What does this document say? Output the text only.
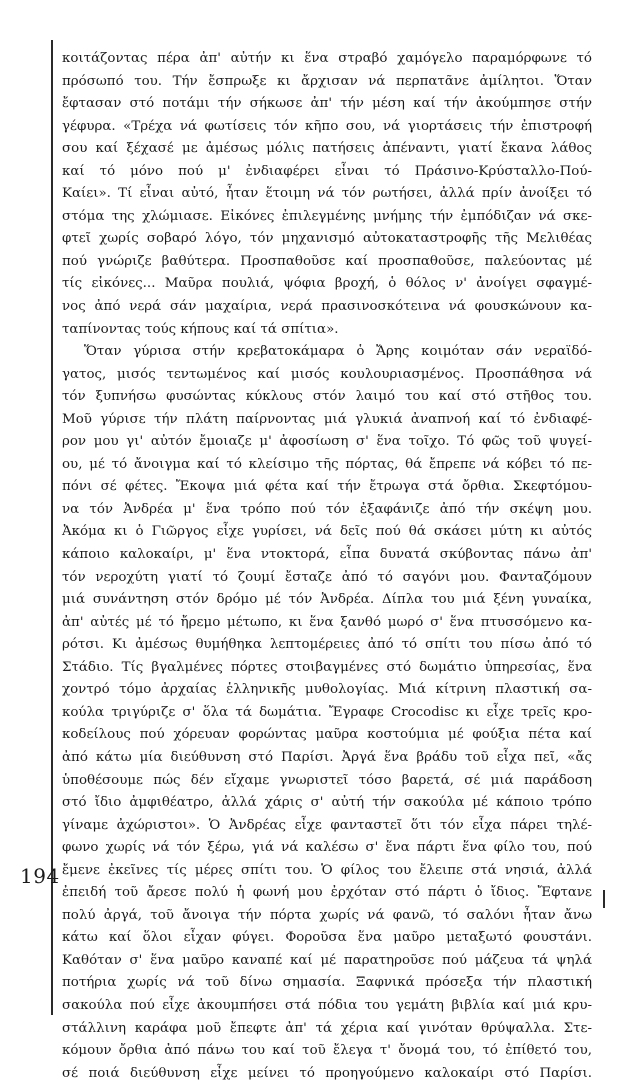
194
κοιτάζοντας πέρα ἀπ' αὐτήν κι ἕνα στραβό χαμόγελο παραμόρφωνε τό
πρόσωπό του. Τήν ἔσπρωξε κι ἄρχισαν νά περπατᾶνε ἀμίλητοι. Ὅταν
ἔφτασαν στό ποτάμι τήν σήκωσε ἀπ' τήν μέση καί τήν ἀκούμπησε στήν
γέφυρα. «Τρέχα νά φωτίσεις τόν κῆπο σου, νά γιορτάσεις τήν ἐπιστροφή
σου καί ξέχασέ με ἀμέσως μόλις πατήσεις ἀπέναντι, γιατί ἔκανα λάθος
καί τό μόνο πού μ' ἐνδιαφέρει εἶναι τό Πράσινο-Κρύσταλλο-Πού-
Καίει». Τί εἶναι αὐτό, ἦταν ἕτοιμη νά τόν ρωτήσει, ἀλλά πρίν ἀνοίξει τό
στόμα της χλώμιασε. Εἰκόνες ἐπιλεγμένης μνήμης τήν ἐμπόδιζαν νά σκε-
φτεῖ χωρίς σοβαρό λόγο, τόν μηχανισμό αὐτοκαταστροφῆς τῆς Μελιθέας
πού γνώριζε βαθύτερα. Προσπαθοῦσε καί προσπαθοῦσε, παλεύοντας μέ
τίς εἰκόνες... Μαῦρα πουλιά, ψόφια βροχή, ὁ θόλος ν' ἀνοίγει σφαγμέ-
νος ἀπό νερά σάν μαχαίρια, νερά πρασινοσκότεινα νά φουσκώνουν κα-
ταπίνοντας τούς κήπους καί τά σπίτια».
Ὅταν γύρισα στήν κρεβατοκάμαρα ὁ Ἄρης κοιμόταν σάν νεραϊδό-
γατος, μισός τεντωμένος καί μισός κουλουριασμένος. Προσπάθησα νά
τόν ξυπνήσω φυσώντας κύκλους στόν λαιμό του καί στό στῆθος του.
Μοῦ γύρισε τήν πλάτη παίρνοντας μιά γλυκιά ἀναπνοή καί τό ἐνδιαφέ-
ρον μου γι' αὐτόν ἔμοιαζε μ' ἀφοσίωση σ' ἕνα τοῖχο. Τό φῶς τοῦ ψυγεί-
ου, μέ τό ἄνοιγμα καί τό κλείσιμο τῆς πόρτας, θά ἔπρεπε νά κόβει τό πε-
πόνι σέ φέτες. Ἔκοψα μιά φέτα καί τήν ἔτρωγα στά ὄρθια. Σκεφτόμου-
να τόν Ἀνδρέα μ' ἕνα τρόπο πού τόν ἐξαφάνιζε ἀπό τήν σκέψη μου.
Ἀκόμα κι ὁ Γιῶργος εἶχε γυρίσει, νά δεῖς πού θά σκάσει μύτη κι αὐτός
κάποιο καλοκαίρι, μ' ἕνα ντοκτορά, εἶπα δυνατά σκύβοντας πάνω ἀπ'
τόν νεροχύτη γιατί τό ζουμί ἔσταζε ἀπό τό σαγόνι μου. Φανταζόμουν
μιά συνάντηση στόν δρόμο μέ τόν Ἀνδρέα. Δίπλα του μιά ξένη γυναίκα,
ἀπ' αὐτές μέ τό ἤρεμο μέτωπο, κι ἕνα ξανθό μωρό σ' ἕνα πτυσσόμενο κα-
ρότσι. Κι ἀμέσως θυμήθηκα λεπτομέρειες ἀπό τό σπίτι του πίσω ἀπό τό
Στάδιο. Τίς βγαλμένες πόρτες στοιβαγμένες στό δωμάτιο ὑπηρεσίας, ἕνα
χοντρό τόμο ἀρχαίας ἑλληνικῆς μυθολογίας. Μιά κίτρινη πλαστική σα-
κούλα τριγύριζε σ' ὅλα τά δωμάτια. Ἔγραφε Crocodisc κι εἶχε τρεῖς κρο-
κοδείλους πού χόρευαν φορώντας μαῦρα κοστούμια μέ φούξια πέτα καί
ἀπό κάτω μία διεύθυνση στό Παρίσι. Ἀργά ἕνα βράδυ τοῦ εἶχα πεῖ, «ἄς
ὑποθέσουμε πώς δέν εἴχαμε γνωριστεῖ τόσο βαρετά, σέ μιά παράδοση
στό ἴδιο ἀμφιθέατρο, ἀλλά χάρις σ' αὐτή τήν σακούλα μέ κάποιο τρόπο
γίναμε ἀχώριστοι». Ὁ Ἀνδρέας εἶχε φανταστεῖ ὅτι τόν εἶχα πάρει τηλέ-
φωνο χωρίς νά τόν ξέρω, γιά νά καλέσω σ' ἕνα πάρτι ἕνα φίλο του, πού
ἔμενε ἐκεῖνες τίς μέρες σπίτι του. Ὁ φίλος του ἔλειπε στά νησιά, ἀλλά
ἐπειδή τοῦ ἄρεσε πολύ ἡ φωνή μου ἐρχόταν στό πάρτι ὁ ἴδιος. Ἔφτανε
πολύ ἀργά, τοῦ ἄνοιγα τήν πόρτα χωρίς νά φανῶ, τό σαλόνι ἦταν ἄνω
κάτω καί ὅλοι εἶχαν φύγει. Φοροῦσα ἕνα μαῦρο μεταξωτό φουστάνι.
Καθόταν σ' ἕνα μαῦρο καναπέ καί μέ παρατηροῦσε πού μάζευα τά ψηλά
ποτήρια χωρίς νά τοῦ δίνω σημασία. Ξαφνικά πρόσεξα τήν πλαστική
σακούλα πού εἶχε ἀκουμπήσει στά πόδια του γεμάτη βιβλία καί μιά κρυ-
στάλλινη καράφα μοῦ ἔπεφτε ἀπ' τά χέρια καί γινόταν θρύψαλλα. Στε-
κόμουν ὄρθια ἀπό πάνω του καί τοῦ ἔλεγα τ' ὄνομά του, τό ἐπίθετό του,
σέ ποιά διεύθυνση εἶχε μείνει τό προηγούμενο καλοκαίρι στό Παρίσι.
